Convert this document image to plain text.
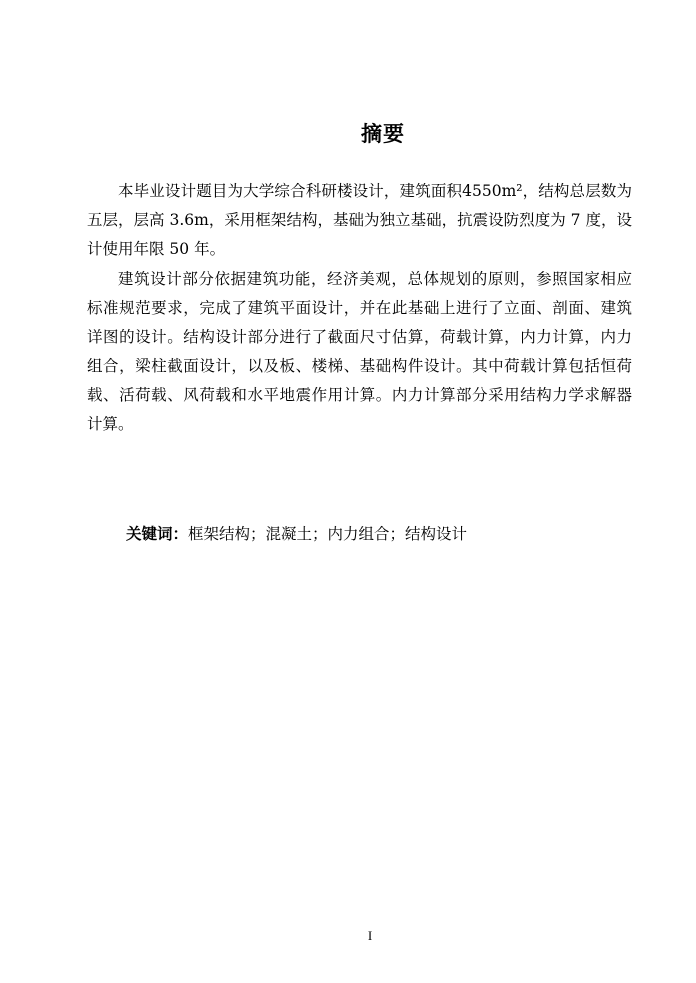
摘要
本毕业设计题目为大学综合科研楼设计，建筑面积4550m²，结构总层数为
五层，层高 3.6m，采用框架结构，基础为独立基础，抗震设防烈度为 7 度，设
计使用年限 50 年。
建筑设计部分依据建筑功能，经济美观，总体规划的原则，参照国家相应
标准规范要求，完成了建筑平面设计，并在此基础上进行了立面、剖面、建筑
详图的设计。结构设计部分进行了截面尺寸估算，荷载计算，内力计算，内力
组合，梁柱截面设计，以及板、楼梯、基础构件设计。其中荷载计算包括恒荷
载、活荷载、风荷载和水平地震作用计算。内力计算部分采用结构力学求解器
计算。
关键词：框架结构；混凝土；内力组合；结构设计
I
